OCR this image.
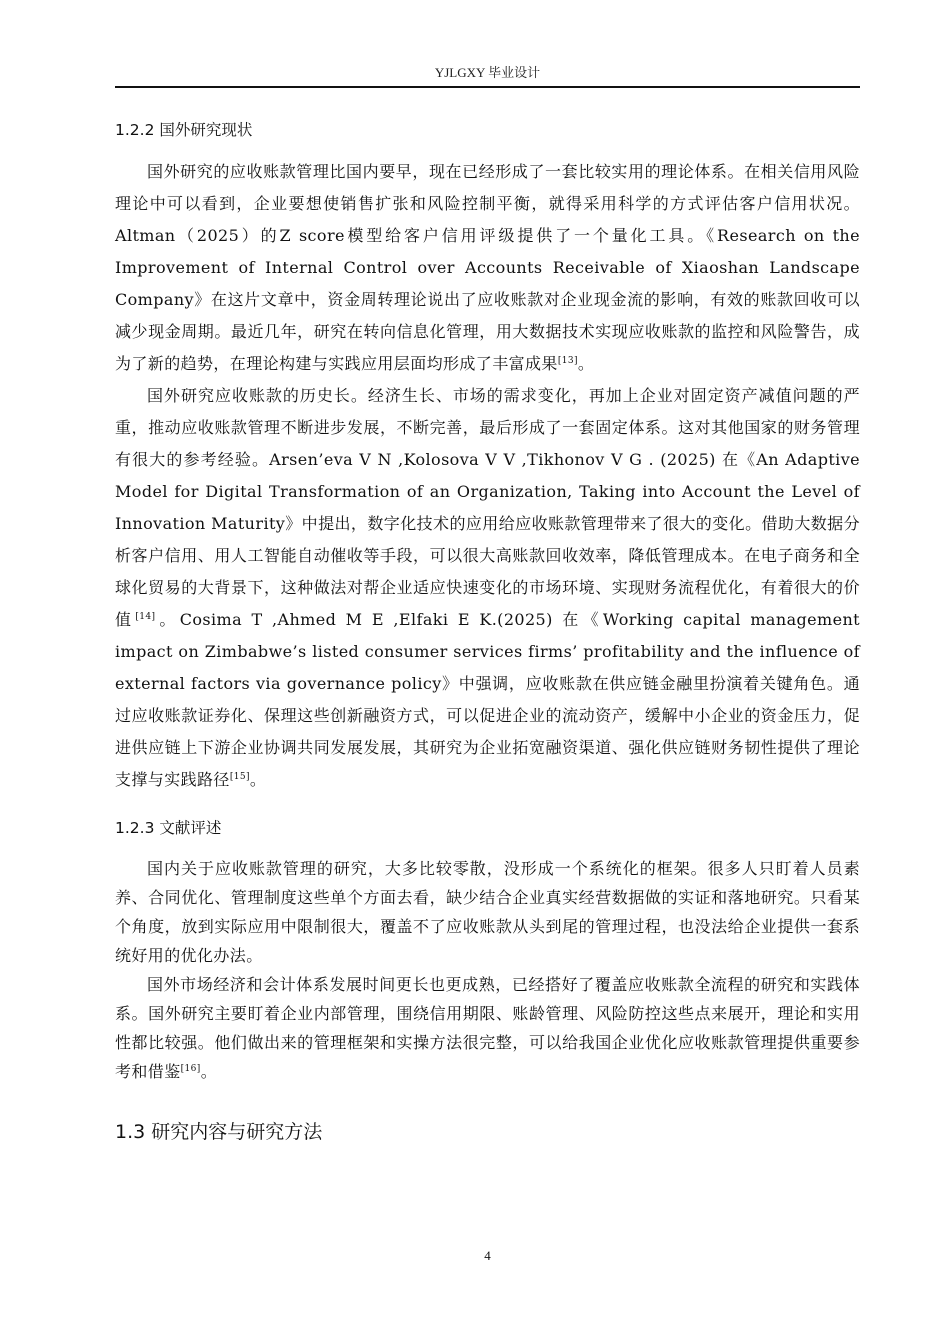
YJLGXY 毕业设计
1.2.2 国外研究现状

国外研究的应收账款管理比国内要早，现在已经形成了一套比较实用的理论体系。在相关信用风险理论中可以看到，企业要想使销售扩张和风险控制平衡，就得采用科学的方式评估客户信用状况。Altman（2025）的Z score模型给客户信用评级提供了一个量化工具。《Research on the Improvement of Internal Control over Accounts Receivable of Xiaoshan Landscape Company》在这片文章中，资金周转理论说出了应收账款对企业现金流的影响，有效的账款回收可以减少现金周期。最近几年，研究在转向信息化管理，用大数据技术实现应收账款的监控和风险警告，成为了新的趋势，在理论构建与实践应用层面均形成了丰富成果[13]。

国外研究应收账款的历史长。经济生长、市场的需求变化，再加上企业对固定资产减值问题的严重，推动应收账款管理不断进步发展，不断完善，最后形成了一套固定体系。这对其他国家的财务管理有很大的参考经验。Arsen’eva V N ,Kolosova V V ,Tikhonov V G . (2025) 在《An Adaptive Model for Digital Transformation of an Organization, Taking into Account the Level of Innovation Maturity》中提出，数字化技术的应用给应收账款管理带来了很大的变化。借助大数据分析客户信用、用人工智能自动催收等手段，可以很大高账款回收效率，降低管理成本。在电子商务和全球化贸易的大背景下，这种做法对帮企业适应快速变化的市场环境、实现财务流程优化，有着很大的价值[14]。Cosima T ,Ahmed M E ,Elfaki E K.(2025) 在《Working capital management impact on Zimbabwe’s listed consumer services firms’ profitability and the influence of external factors via governance policy》中强调，应收账款在供应链金融里扮演着关键角色。通过应收账款证券化、保理这些创新融资方式，可以促进企业的流动资产，缓解中小企业的资金压力，促进供应链上下游企业协调共同发展发展，其研究为企业拓宽融资渠道、强化供应链财务韧性提供了理论支撑与实践路径[15]。

1.2.3 文献评述

国内关于应收账款管理的研究，大多比较零散，没形成一个系统化的框架。很多人只盯着人员素养、合同优化、管理制度这些单个方面去看，缺少结合企业真实经营数据做的实证和落地研究。只看某个角度，放到实际应用中限制很大，覆盖不了应收账款从头到尾的管理过程，也没法给企业提供一套系统好用的优化办法。

国外市场经济和会计体系发展时间更长也更成熟，已经搭好了覆盖应收账款全流程的研究和实践体系。国外研究主要盯着企业内部管理，围绕信用期限、账龄管理、风险防控这些点来展开，理论和实用性都比较强。他们做出来的管理框架和实操方法很完整，可以给我国企业优化应收账款管理提供重要参考和借鉴[16]。

1.3 研究内容与研究方法
4
